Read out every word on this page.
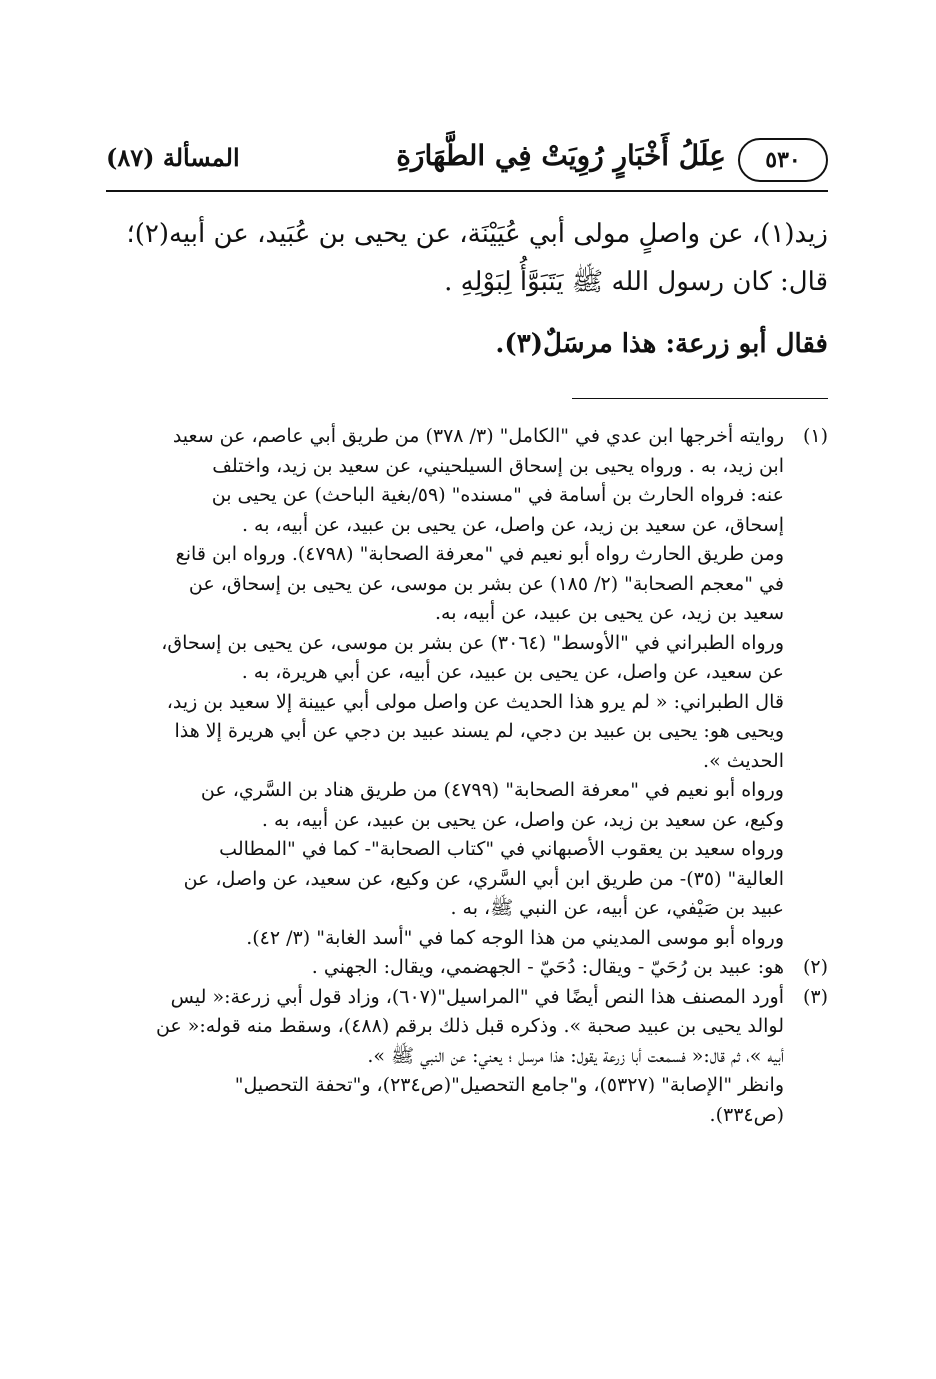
٥٣٠
عِلَلُ أَخْبَارٍ رُوِيَتْ فِي الطَّهَارَةِ
المسألة (٨٧)

زيد(١)، عن واصلٍ مولى أبي عُيَيْنَة، عن يحيى بن عُبَيد، عن أبيه(٢)؛

قال: كان رسول الله ﷺ يَتَبَوَّأُ لِبَوْلِهِ .

فقال أبو زرعة: هذا مرسَلٌ(٣).

(١)
روايته أخرجها ابن عدي في "الكامل" (٣/ ٣٧٨) من طريق أبي عاصم، عن سعيد
ابن زيد، به . ورواه يحيى بن إسحاق السيلحيني، عن سعيد بن زيد، واختلف
عنه: فرواه الحارث بن أسامة في "مسنده" (٥٩/بغية الباحث) عن يحيى بن
إسحاق، عن سعيد بن زيد، عن واصل، عن يحيى بن عبيد، عن أبيه، به .
ومن طريق الحارث رواه أبو نعيم في "معرفة الصحابة" (٤٧٩٨). ورواه ابن قانع
في "معجم الصحابة" (٢/ ١٨٥) عن بشر بن موسى، عن يحيى بن إسحاق، عن
سعيد بن زيد، عن يحيى بن عبيد، عن أبيه، به.
ورواه الطبراني في "الأوسط" (٣٠٦٤) عن بشر بن موسى، عن يحيى بن إسحاق،
عن سعيد، عن واصل، عن يحيى بن عبيد، عن أبيه، عن أبي هريرة، به .
قال الطبراني: « لم يرو هذا الحديث عن واصل مولى أبي عيينة إلا سعيد بن زيد،
ويحيى هو: يحيى بن عبيد بن دجي، لم يسند عبيد بن دجي عن أبي هريرة إلا هذا
الحديث ».
ورواه أبو نعيم في "معرفة الصحابة" (٤٧٩٩) من طريق هناد بن السَّري، عن
وكيع، عن سعيد بن زيد، عن واصل، عن يحيى بن عبيد، عن أبيه، به .
ورواه سعيد بن يعقوب الأصبهاني في "كتاب الصحابة"- كما في "المطالب
العالية" (٣٥)- من طريق ابن أبي السَّري، عن وكيع، عن سعيد، عن واصل، عن
عبيد بن صَيْفي، عن أبيه، عن النبي ﷺ، به .
ورواه أبو موسى المديني من هذا الوجه كما في "أسد الغابة" (٣/ ٤٢).
(٢)
هو: عبيد بن رُحَيّ - ويقال: دُحَيّ - الجهضمي، ويقال: الجهني .
(٣)
أورد المصنف هذا النص أيضًا في "المراسيل"(٦٠٧)، وزاد قول أبي زرعة:« ليس
لوالد يحيى بن عبيد صحبة ». وذكره قبل ذلك برقم (٤٨٨)، وسقط منه قوله:« عن
أبيه »، ثم قال:« فسمعت أبا زرعة يقول: هذا مرسل ؛ يعني: عن النبي ﷺ ».
وانظر "الإصابة" (٥٣٢٧)، و"جامع التحصيل"(ص٢٣٤)، و"تحفة التحصيل"
(ص٣٣٤).
